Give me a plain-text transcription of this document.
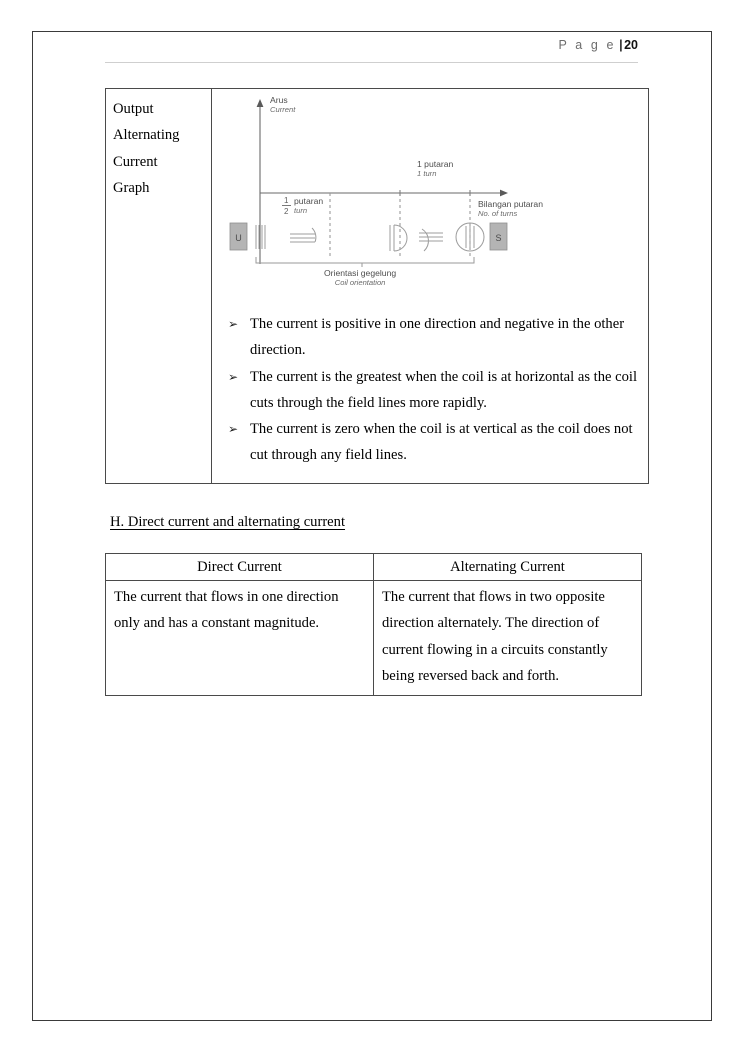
P a g e |20
Output
Alternating
Current
Graph

1
2
U	S
Arus
Current
1 putaran
1 turn
putaran
turn
Bilangan putaran
No. of turns
Orientasi gegelung
Coil orientation
➢ The current is positive in one direction and negative in the other direction.
➢ The current is the greatest when the coil is at horizontal as the coil cuts through the field lines more rapidly.
➢ The current is zero when the coil is at vertical as the coil does not cut through any field lines.
H. Direct current and alternating current
Direct Current	Alternating Current
The current that flows in one direction only and has a constant magnitude.	The current that flows in two opposite direction alternately. The direction of current flowing in a circuits constantly being reversed back and forth.
